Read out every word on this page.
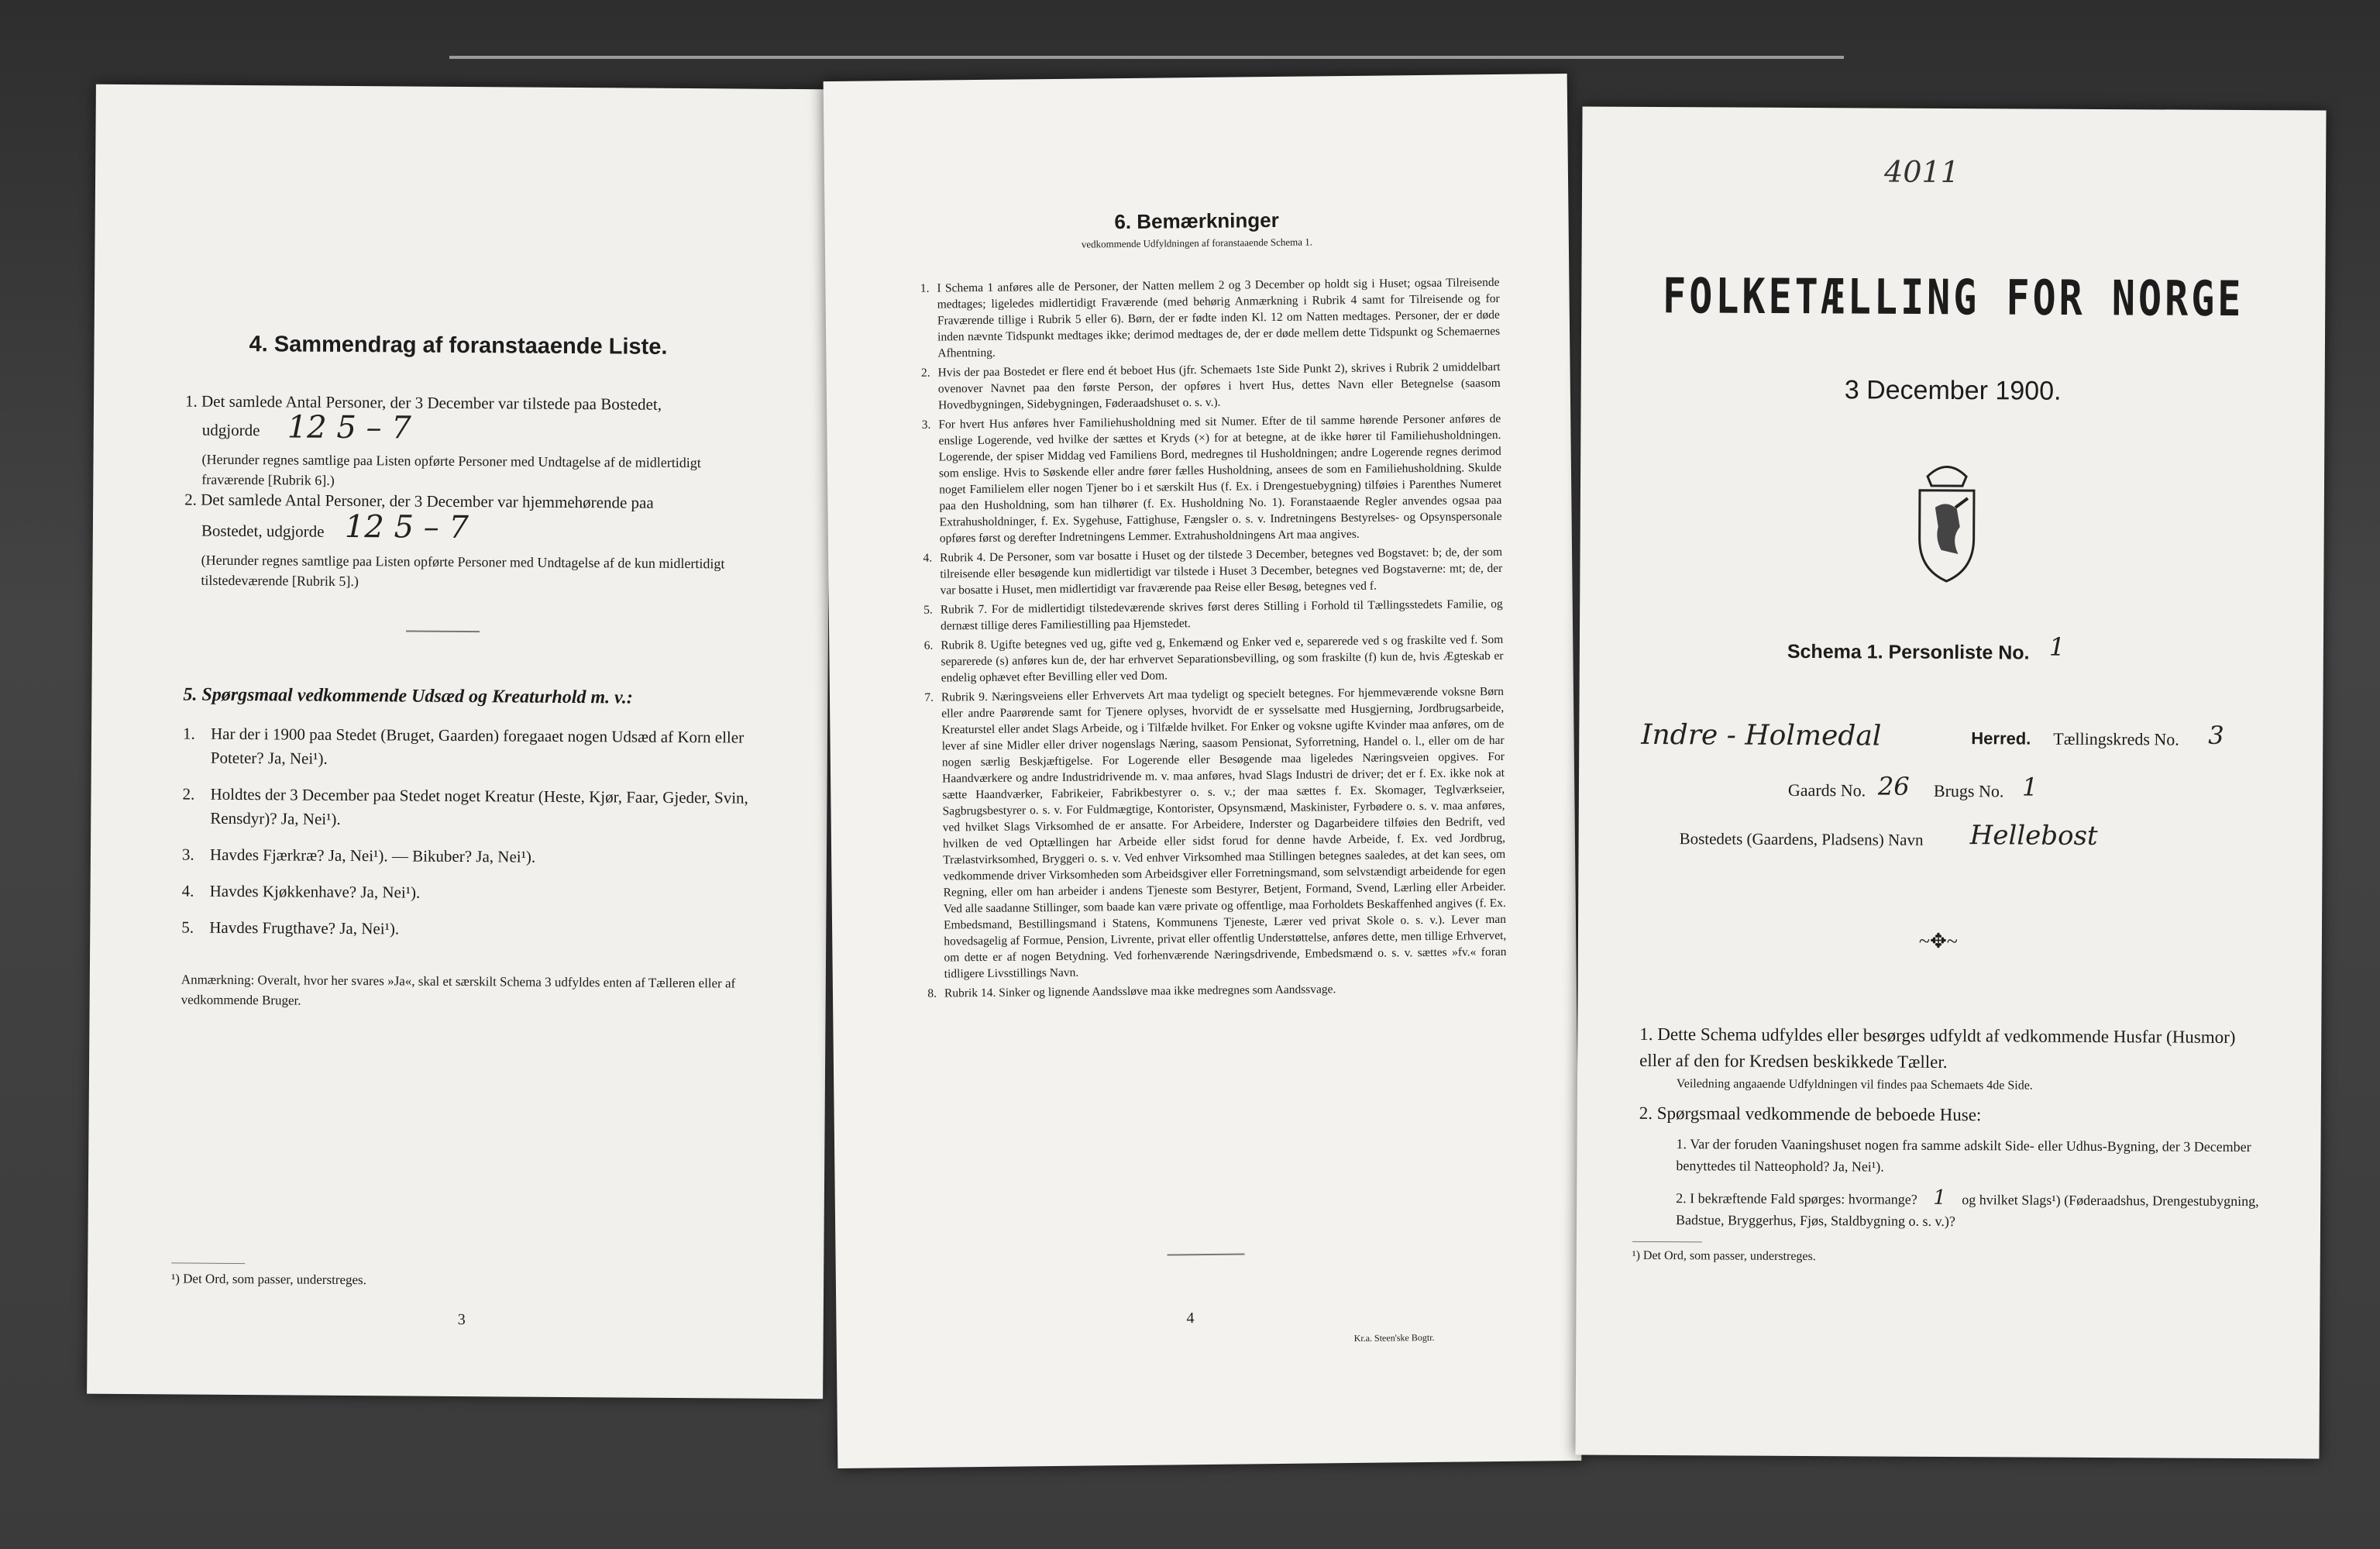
4. Sammendrag af foranstaaende Liste.
1. Det samlede Antal Personer, der 3 December var tilstede paa Bostedet,
udgjorde 12 5 – 7
(Herunder regnes samtlige paa Listen opførte Personer med Undtagelse af de midlertidigt fraværende [Rubrik 6].)
2. Det samlede Antal Personer, der 3 December var hjemmehørende paa
Bostedet, udgjorde 12 5 – 7
(Herunder regnes samtlige paa Listen opførte Personer med Undtagelse af de kun midlertidigt tilstedeværende [Rubrik 5].)
5. Spørgsmaal vedkommende Udsæd og Kreaturhold m. v.:
1. Har der i 1900 paa Stedet (Bruget, Gaarden) foregaaet nogen Udsæd af Korn eller Poteter? Ja, Nei¹).
2. Holdtes der 3 December paa Stedet noget Kreatur (Heste, Kjør, Faar, Gjeder, Svin, Rensdyr)? Ja, Nei¹).
3. Havdes Fjærkræ? Ja, Nei¹). — Bikuber? Ja, Nei¹).
4. Havdes Kjøkkenhave? Ja, Nei¹).
5. Havdes Frugthave? Ja, Nei¹).
Anmærkning: Overalt, hvor her svares »Ja«, skal et særskilt Schema 3 udfyldes enten af Tælleren eller af vedkommende Bruger.
¹) Det Ord, som passer, understreges.
3
6. Bemærkninger
vedkommende Udfyldningen af foranstaaende Schema 1.
1. I Schema 1 anføres alle de Personer, der Natten mellem 2 og 3 December op holdt sig i Huset; ogsaa Tilreisende medtages; ligeledes midlertidigt Fraværende (med behørig Anmærkning i Rubrik 4 samt for Tilreisende og for Fraværende tillige i Rubrik 5 eller 6). Børn, der er fødte inden Kl. 12 om Natten medtages. Personer, der er døde inden nævnte Tidspunkt medtages ikke; derimod medtages de, der er døde mellem dette Tidspunkt og Schemaernes Afhentning.
2. Hvis der paa Bostedet er flere end ét beboet Hus (jfr. Schemaets 1ste Side Punkt 2), skrives i Rubrik 2 umiddelbart ovenover Navnet paa den første Person, der opføres i hvert Hus, dettes Navn eller Betegnelse (saasom Hovedbygningen, Sidebygningen, Føderaadshuset o. s. v.).
3. For hvert Hus anføres hver Familiehusholdning med sit Numer. Efter de til samme hørende Personer anføres de enslige Logerende, ved hvilke der sættes et Kryds (×) for at betegne, at de ikke hører til Familiehusholdningen. Logerende, der spiser Middag ved Familiens Bord, medregnes til Husholdningen; andre Logerende regnes derimod som enslige. Hvis to Søskende eller andre fører fælles Husholdning, ansees de som en Familiehusholdning. Skulde noget Familielem eller nogen Tjener bo i et særskilt Hus (f. Ex. i Drengestuebygning) tilføies i Parenthes Numeret paa den Husholdning, som han tilhører (f. Ex. Husholdning No. 1). Foranstaaende Regler anvendes ogsaa paa Extrahusholdninger, f. Ex. Sygehuse, Fattighuse, Fængsler o. s. v. Indretningens Bestyrelses- og Opsynspersonale opføres først og derefter Indretningens Lemmer. Extrahusholdningens Art maa angives.
4. Rubrik 4. De Personer, som var bosatte i Huset og der tilstede 3 December, betegnes ved Bogstavet: b; de, der som tilreisende eller besøgende kun midlertidigt var tilstede i Huset 3 December, betegnes ved Bogstaverne: mt; de, der var bosatte i Huset, men midlertidigt var fraværende paa Reise eller Besøg, betegnes ved f.
5. Rubrik 7. For de midlertidigt tilstedeværende skrives først deres Stilling i Forhold til Tællingsstedets Familie, og dernæst tillige deres Familiestilling paa Hjemstedet.
6. Rubrik 8. Ugifte betegnes ved ug, gifte ved g, Enkemænd og Enker ved e, separerede ved s og fraskilte ved f. Som separerede (s) anføres kun de, der har erhvervet Separationsbevilling, og som fraskilte (f) kun de, hvis Ægteskab er endelig ophævet efter Bevilling eller ved Dom.
7. Rubrik 9. Næringsveiens eller Erhvervets Art maa tydeligt og specielt betegnes. For hjemmeværende voksne Børn eller andre Paarørende samt for Tjenere oplyses, hvorvidt de er sysselsatte med Husgjerning, Jordbrugsarbeide, Kreaturstel eller andet Slags Arbeide, og i Tilfælde hvilket. For Enker og voksne ugifte Kvinder maa anføres, om de lever af sine Midler eller driver nogenslags Næring, saasom Pensionat, Syforretning, Handel o. l., eller om de har nogen særlig Beskjæftigelse. For Logerende eller Besøgende maa ligeledes Næringsveien opgives. For Haandværkere og andre Industridrivende m. v. maa anføres, hvad Slags Industri de driver; det er f. Ex. ikke nok at sætte Haandværker, Fabrikeier, Fabrikbestyrer o. s. v.; der maa sættes f. Ex. Skomager, Teglværkseier, Sagbrugsbestyrer o. s. v. For Fuldmægtige, Kontorister, Opsynsmænd, Maskinister, Fyrbødere o. s. v. maa anføres, ved hvilket Slags Virksomhed de er ansatte. For Arbeidere, Inderster og Dagarbeidere tilføies den Bedrift, ved hvilken de ved Optællingen har Arbeide eller sidst forud for denne havde Arbeide, f. Ex. ved Jordbrug, Trælastvirksomhed, Bryggeri o. s. v. Ved enhver Virksomhed maa Stillingen betegnes saaledes, at det kan sees, om vedkommende driver Virksomheden som Arbeidsgiver eller Forretningsmand, som selvstændigt arbeidende for egen Regning, eller om han arbeider i andens Tjeneste som Bestyrer, Betjent, Formand, Svend, Lærling eller Arbeider. Ved alle saadanne Stillinger, som baade kan være private og offentlige, maa Forholdets Beskaffenhed angives (f. Ex. Embedsmand, Bestillingsmand i Statens, Kommunens Tjeneste, Lærer ved privat Skole o. s. v.). Lever man hovedsagelig af Formue, Pension, Livrente, privat eller offentlig Understøttelse, anføres dette, men tillige Erhvervet, om dette er af nogen Betydning. Ved forhenværende Næringsdrivende, Embedsmænd o. s. v. sættes »fv.« foran tidligere Livsstillings Navn.
8. Rubrik 14. Sinker og lignende Aandssløve maa ikke medregnes som Aandssvage.
4
Kr.a. Steen'ske Bogtr.
4011
FOLKETÆLLING FOR NORGE
3 December 1900.
Schema 1. Personliste No. 1
Indre - Holmedal	Herred. Tællingskreds No. 3
Gaards No. 26 Brugs No. 1
Bostedets (Gaardens, Pladsens) Navn Hellebost
~✥~
1. Dette Schema udfyldes eller besørges udfyldt af vedkommende Husfar (Husmor) eller af den for Kredsen beskikkede Tæller.
Veiledning angaaende Udfyldningen vil findes paa Schemaets 4de Side.
2. Spørgsmaal vedkommende de beboede Huse:
1. Var der foruden Vaaningshuset nogen fra samme adskilt Side- eller Udhus-Bygning, der 3 December benyttedes til Natteophold? Ja, Nei¹).
2. I bekræftende Fald spørges: hvormange? 1 og hvilket Slags¹) (Føderaadshus, Drengestubygning, Badstue, Bryggerhus, Fjøs, Staldbygning o. s. v.)?
¹) Det Ord, som passer, understreges.
